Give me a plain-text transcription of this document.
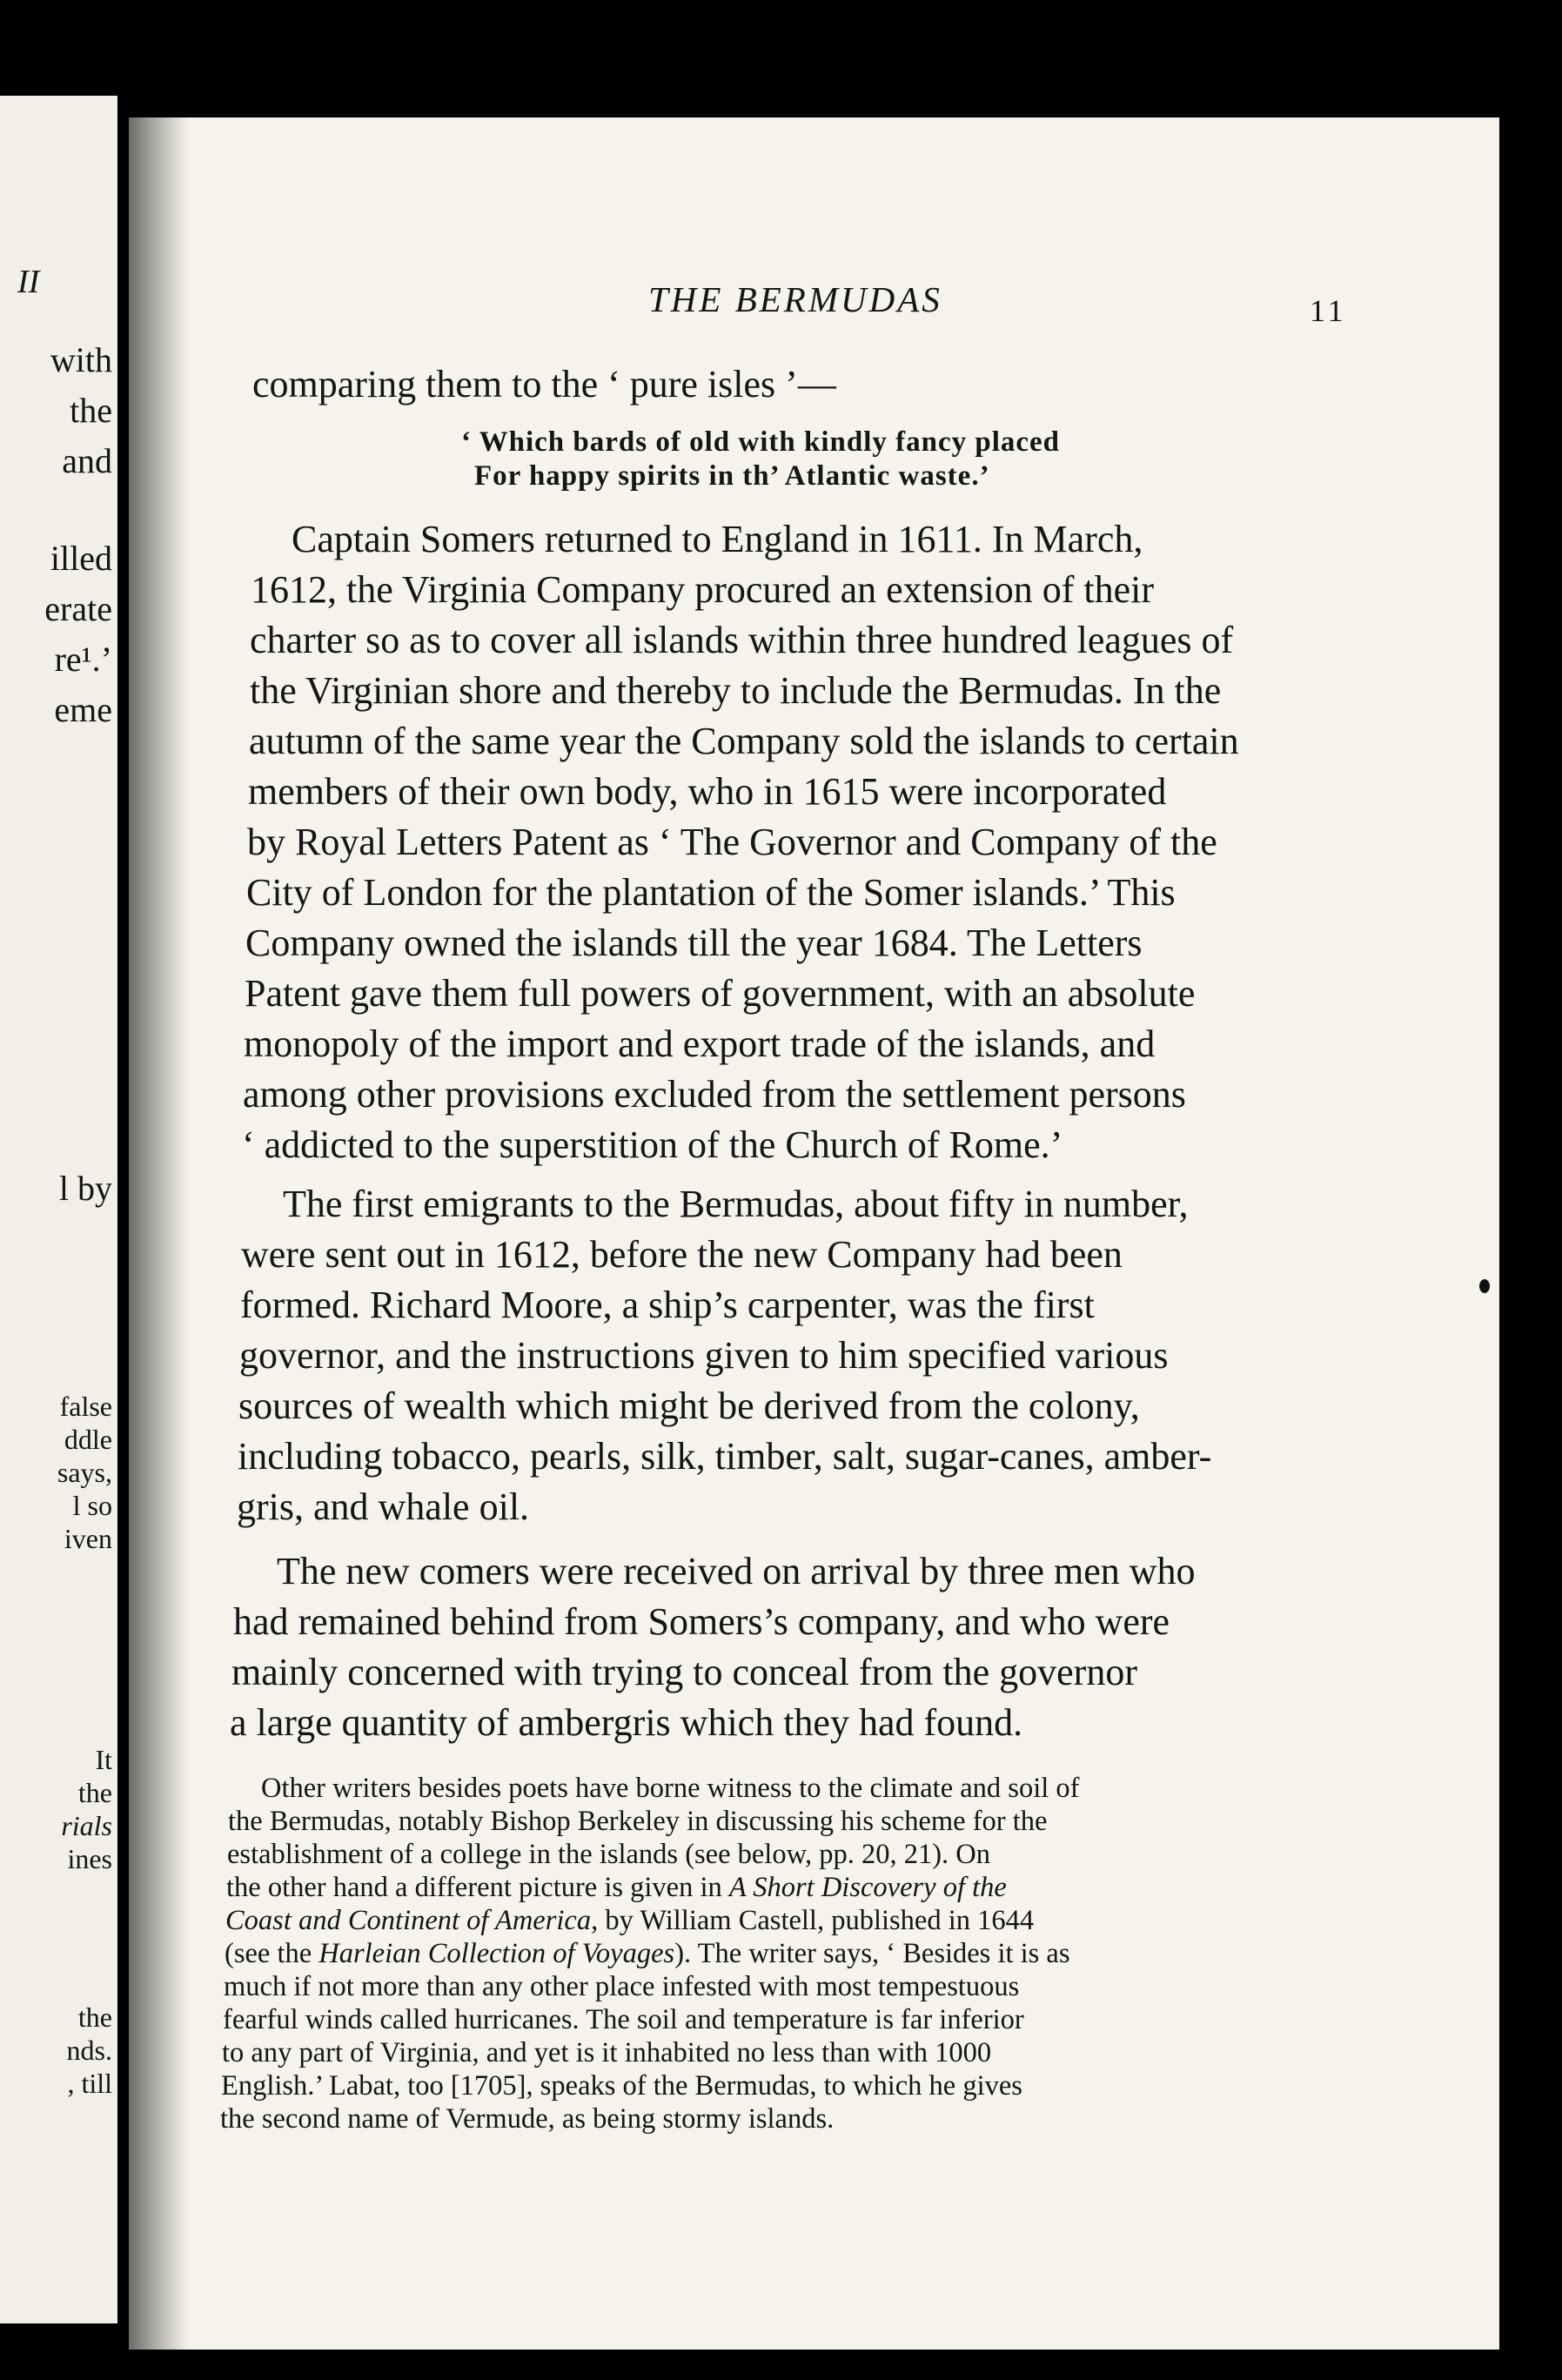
II
with
the
and
illed
erate
re¹.’
eme
l by
false
ddle
says,
l so
iven
It
the
rials
ines
the
nds.
, till
THE BERMUDAS	11
comparing them to the ‘ pure isles ’—
‘ Which bards of old with kindly fancy placed
For happy spirits in th’ Atlantic waste.’
Captain Somers returned to England in 1611. In March,
1612, the Virginia Company procured an extension of their
charter so as to cover all islands within three hundred leagues of
the Virginian shore and thereby to include the Bermudas. In the
autumn of the same year the Company sold the islands to certain
members of their own body, who in 1615 were incorporated
by Royal Letters Patent as ‘ The Governor and Company of the
City of London for the plantation of the Somer islands.’ This
Company owned the islands till the year 1684. The Letters
Patent gave them full powers of government, with an absolute
monopoly of the import and export trade of the islands, and
among other provisions excluded from the settlement persons
‘ addicted to the superstition of the Church of Rome.’
The first emigrants to the Bermudas, about fifty in number,
were sent out in 1612, before the new Company had been
formed. Richard Moore, a ship’s carpenter, was the first
governor, and the instructions given to him specified various
sources of wealth which might be derived from the colony,
including tobacco, pearls, silk, timber, salt, sugar-canes, amber-
gris, and whale oil.
The new comers were received on arrival by three men who
had remained behind from Somers’s company, and who were
mainly concerned with trying to conceal from the governor
a large quantity of ambergris which they had found.
Other writers besides poets have borne witness to the climate and soil of
the Bermudas, notably Bishop Berkeley in discussing his scheme for the
establishment of a college in the islands (see below, pp. 20, 21). On
the other hand a different picture is given in A Short Discovery of the
Coast and Continent of America, by William Castell, published in 1644
(see the Harleian Collection of Voyages). The writer says, ‘ Besides it is as
much if not more than any other place infested with most tempestuous
fearful winds called hurricanes. The soil and temperature is far inferior
to any part of Virginia, and yet is it inhabited no less than with 1000
English.’ Labat, too [1705], speaks of the Bermudas, to which he gives
the second name of Vermude, as being stormy islands.
